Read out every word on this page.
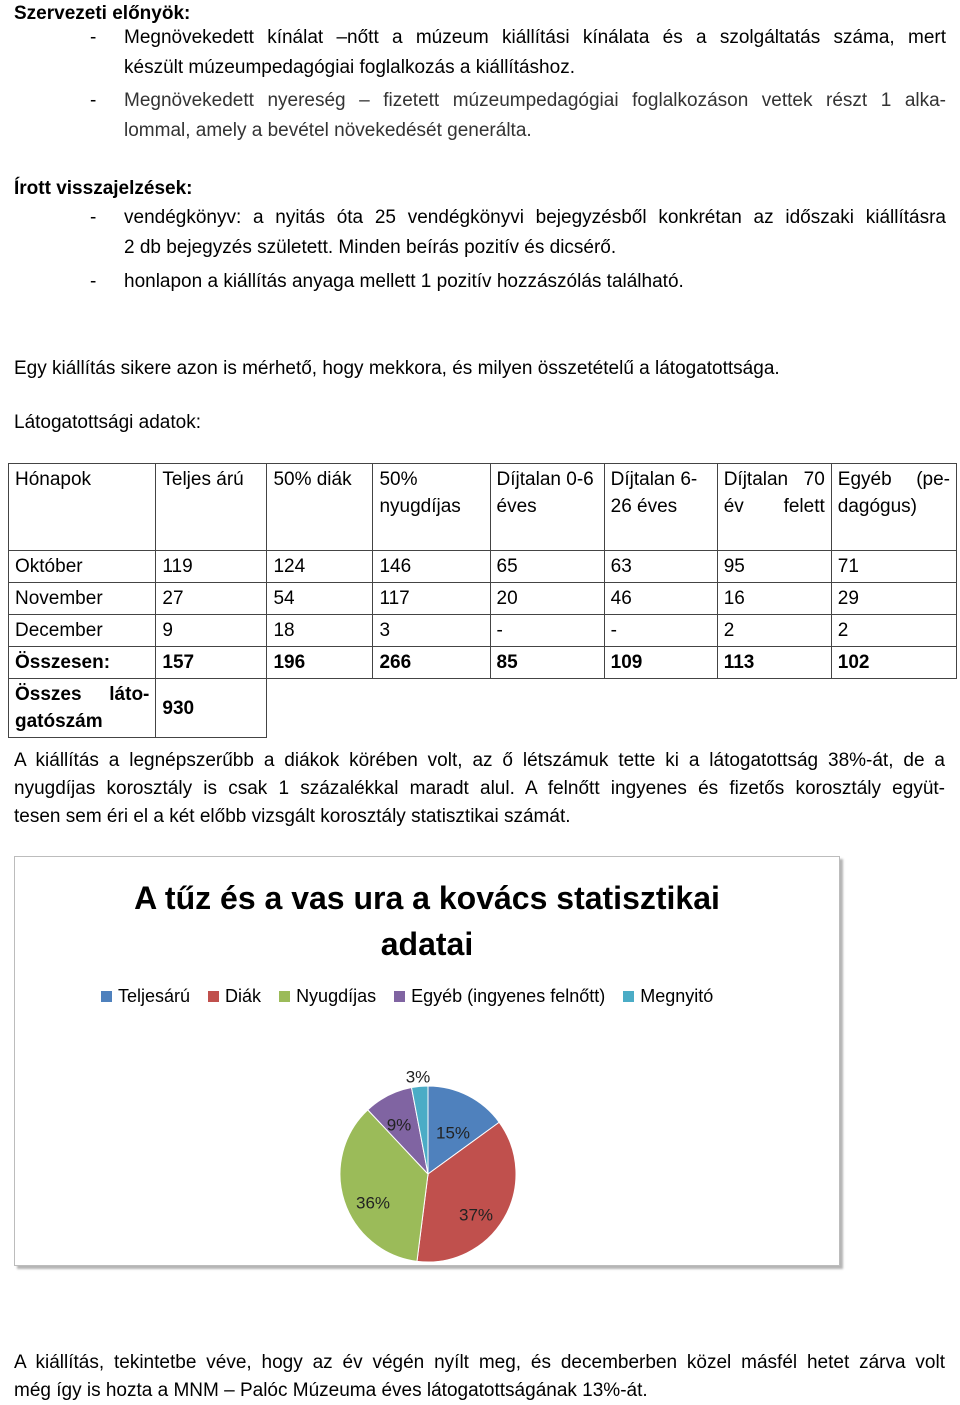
Szervezeti előnyök:
- Megnövekedett kínálat –nőtt a múzeum kiállítási kínálata és a szolgáltatás száma, mert
készült múzeumpedagógiai foglalkozás a kiállításhoz.
- Megnövekedett nyereség – fizetett múzeumpedagógiai foglalkozáson vettek részt 1 alka-
lommal, amely a bevétel növekedését generálta.
Írott visszajelzések:
- vendégkönyv: a nyitás óta 25 vendégkönyvi bejegyzésből konkrétan az időszaki kiállításra
2 db bejegyzés született. Minden beírás pozitív és dicsérő.
- honlapon a kiállítás anyaga mellett 1 pozitív hozzászólás található.
Egy kiállítás sikere azon is mérhető, hogy mekkora, és milyen összetételű a látogatottsága.
Látogatottsági adatok:
Hónapok	Teljes árú	50% diák	50% nyugdíjas	Díjtalan 0-6 éves	Díjtalan 6-26 éves	Díjtalan 70 év felett	Egyéb (pe-dagógus)
Október	119	124	146	65	63	95	71
November	27	54	117	20	46	16	29
December	9	18	3	-	-	2	2
Összesen:	157	196	266	85	109	113	102
Összes láto-gatószám	930						
A kiállítás a legnépszerűbb a diákok körében volt, az ő létszámuk tette ki a látogatottság 38%-át, de a
nyugdíjas korosztály is csak 1 százalékkal maradt alul. A felnőtt ingyenes és fizetős korosztály együt-
tesen sem éri el a két előbb vizsgált korosztály statisztikai számát.
A tűz és a vas ura a kovács statisztikai
adatai
Teljesárú Diák Nyugdíjas Egyéb (ingyenes felnőtt) Megnyitó
15%
37%
36%
9%
3%
A kiállítás, tekintetbe véve, hogy az év végén nyílt meg, és decemberben közel másfél hetet zárva volt
még így is hozta a MNM – Palóc Múzeuma éves látogatottságának 13%-át.
